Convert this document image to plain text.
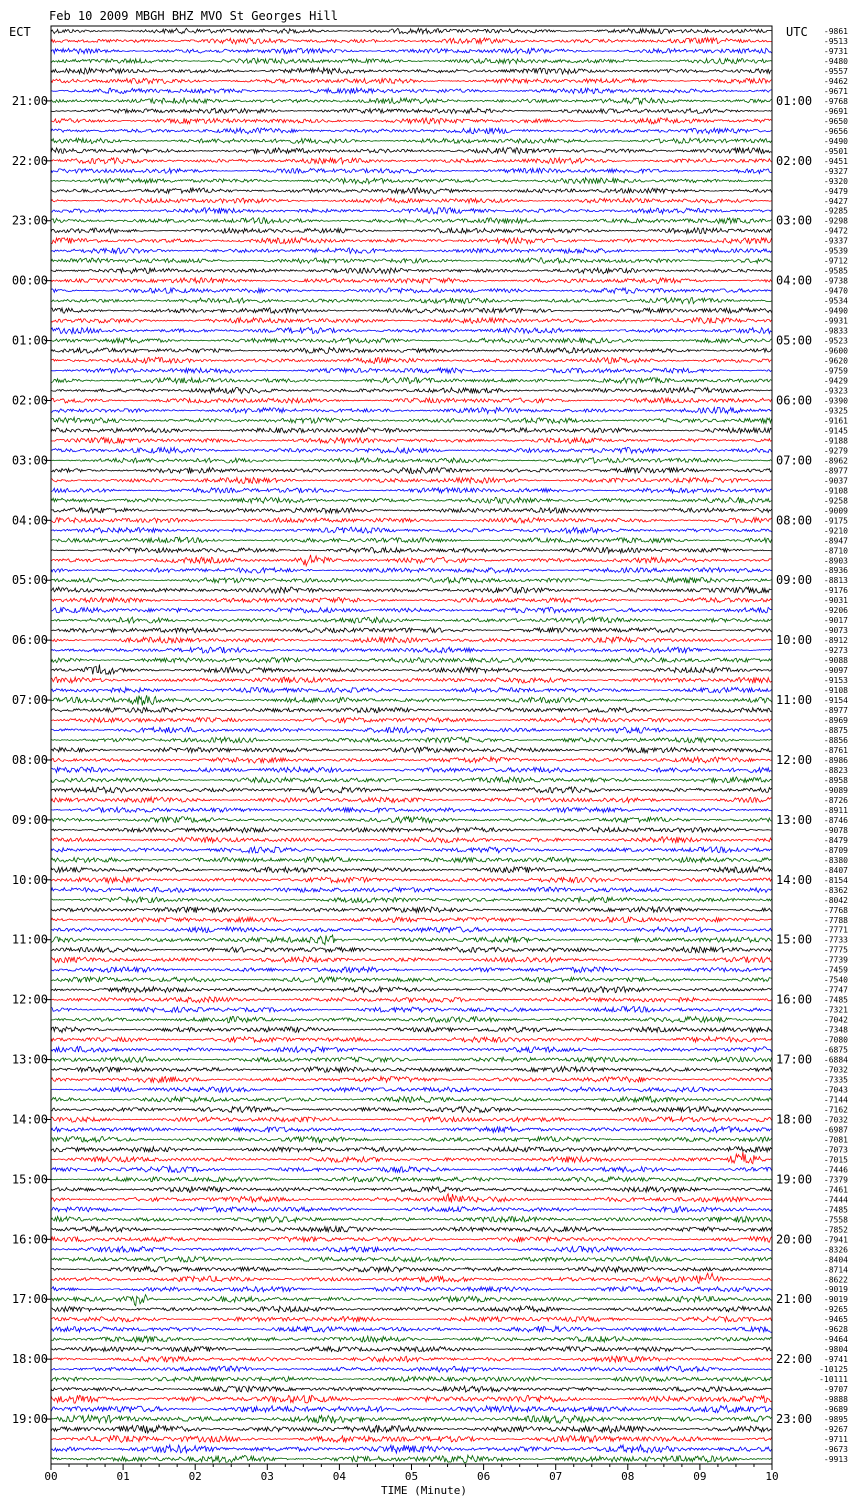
Feb 10 2009 MBGH BHZ MVO St Georges Hill
ECT	UTC
21:00
22:00
23:00
00:00
01:00
02:00
03:00
04:00
05:00
06:00
07:00
08:00
09:00
10:00
11:00
12:00
13:00
14:00
15:00
16:00
17:00
18:00
19:00
01:00
02:00
03:00
04:00
05:00
06:00
07:00
08:00
09:00
10:00
11:00
12:00
13:00
14:00
15:00
16:00
17:00
18:00
19:00
20:00
21:00
22:00
23:00
-9861
-9513
-9731
-9480
-9557
-9462
-9671
-9768
-9691
-9650
-9656
-9490
-9501
-9451
-9327
-9320
-9479
-9427
-9285
-9298
-9472
-9337
-9539
-9712
-9585
-9738
-9470
-9534
-9490
-9931
-9833
-9523
-9600
-9620
-9759
-9429
-9323
-9390
-9325
-9161
-9145
-9188
-9279
-8962
-8977
-9037
-9108
-9258
-9009
-9175
-9210
-8947
-8710
-8903
-8936
-8813
-9176
-9031
-9206
-9017
-9073
-8912
-9273
-9088
-9097
-9153
-9108
-9154
-8977
-8969
-8875
-8856
-8761
-8986
-8823
-8958
-9089
-8726
-8911
-8746
-9078
-8479
-8709
-8380
-8407
-8154
-8362
-8042
-7768
-7788
-7771
-7733
-7775
-7739
-7459
-7540
-7747
-7485
-7321
-7042
-7348
-7080
-6875
-6884
-7032
-7335
-7043
-7144
-7162
-7032
-6987
-7081
-7073
-7015
-7446
-7379
-7461
-7444
-7485
-7558
-7852
-7941
-8326
-8404
-8714
-8622
-9019
-9019
-9265
-9465
-9628
-9464
-9804
-9741
-10125
-10111
-9707
-9888
-9689
-9895
-9267
-9711
-9673
-9913
00	01	02	03	04	05	06	07	08	09	10
TIME (Minute)
